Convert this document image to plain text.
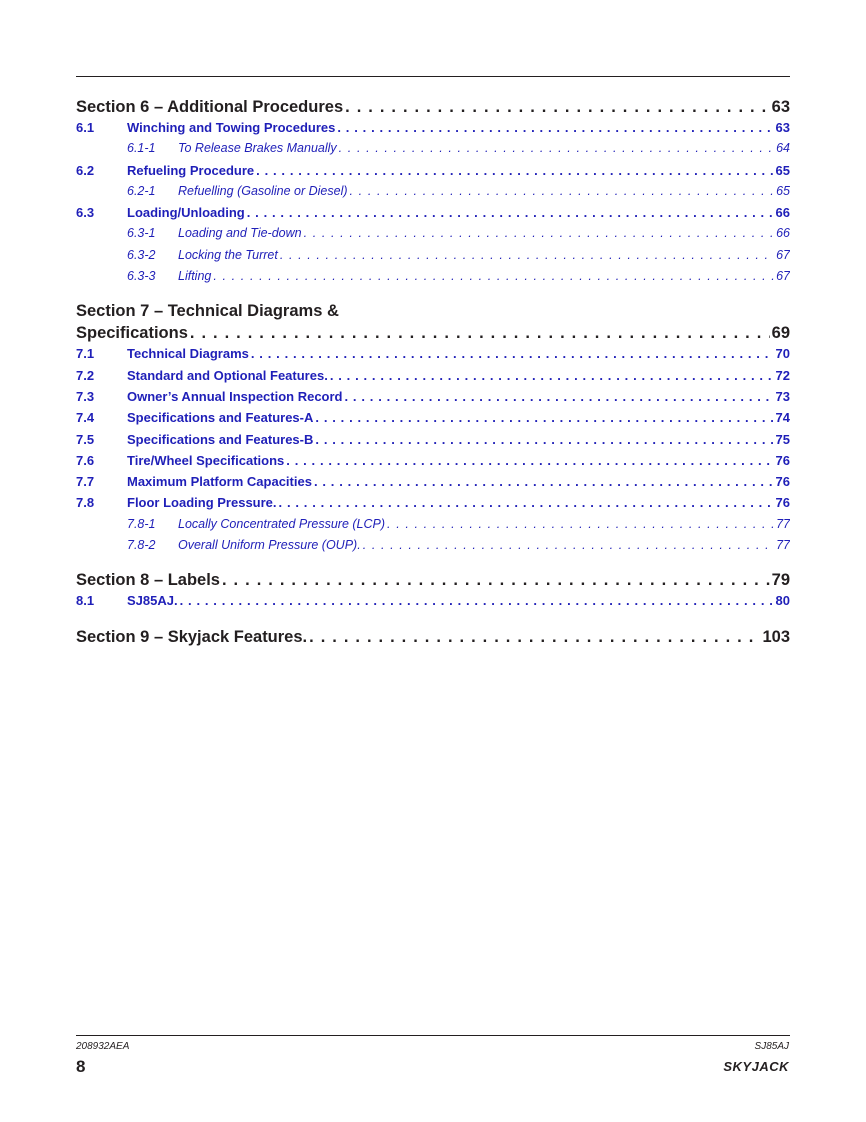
Section 6 – Additional Procedures . . .	63
6.1	Winching and Towing Procedures . . .	63
6.1-1 To Release Brakes Manually . . .	64
6.2	Refueling Procedure . . .	65
6.2-1 Refuelling (Gasoline or Diesel) . . .	65
6.3	Loading/Unloading . . .	66
6.3-1 Loading and Tie-down . . .	66
6.3-2 Locking the Turret . . .	67
6.3-3 Lifting . . .	67
Section 7 – Technical Diagrams &
Specifications . . .	69
7.1	Technical Diagrams . . .	70
7.2	Standard and Optional Features. . . .	72
7.3	Owner’s Annual Inspection Record . . .	73
7.4	Specifications and Features-A . . .	74
7.5	Specifications and Features-B . . .	75
7.6	Tire/Wheel Specifications . . .	76
7.7	Maximum Platform Capacities . . .	76
7.8	Floor Loading Pressure. . . .	76
7.8-1 Locally Concentrated Pressure (LCP) . . .	77
7.8-2 Overall Uniform Pressure (OUP). . . .	77
Section 8 – Labels . . .	79
8.1	SJ85AJ. . . .	80
Section 9 – Skyjack Features. . . .	103
208932AEA
8
SJ85AJ
SKYJACK
